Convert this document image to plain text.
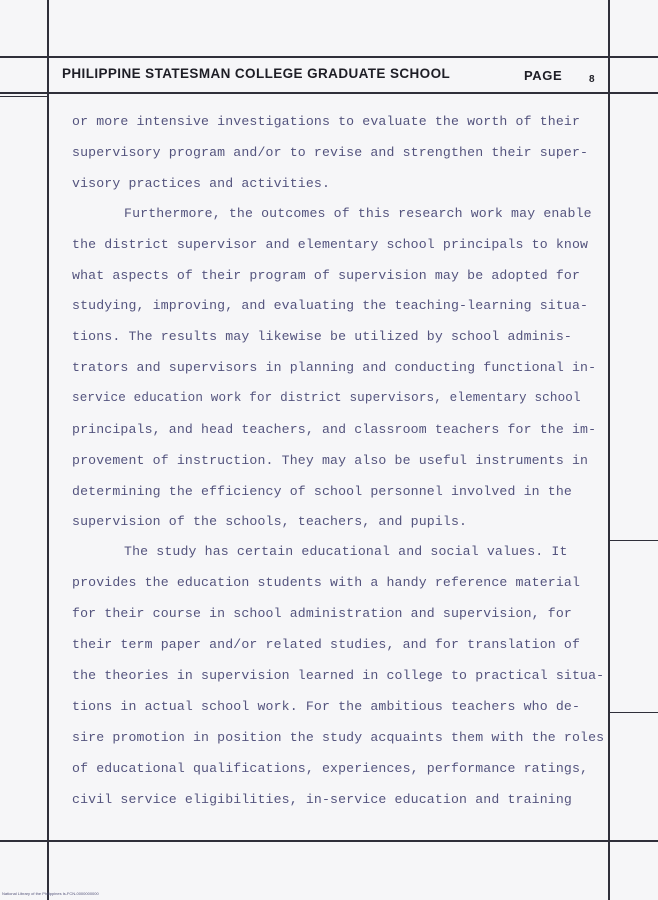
PHILIPPINE STATESMAN COLLEGE GRADUATE SCHOOL	PAGE	8
or more intensive investigations to evaluate the worth of their
supervisory program and/or to revise and strengthen their super-
visory practices and activities.
Furthermore, the outcomes of this research work may enable
the district supervisor and elementary school principals to know
what aspects of their program of supervision may be adopted for
studying, improving, and evaluating the teaching-learning situa-
tions. The results may likewise be utilized by school adminis-
trators and supervisors in planning and conducting functional in-
service education work for district supervisors, elementary school
principals, and head teachers, and classroom teachers for the im-
provement of instruction. They may also be useful instruments in
determining the efficiency of school personnel involved in the
supervision of the schools, teachers, and pupils.
The study has certain educational and social values. It
provides the education students with a handy reference material
for their course in school administration and supervision, for
their term paper and/or related studies, and for translation of
the theories in supervision learned in college to practical situa-
tions in actual school work. For the ambitious teachers who de-
sire promotion in position the study acquaints them with the roles
of educational qualifications, experiences, performance ratings,
civil service eligibilities, in-service education and training
National Library of the Philippines ls-FCN-0000000000
